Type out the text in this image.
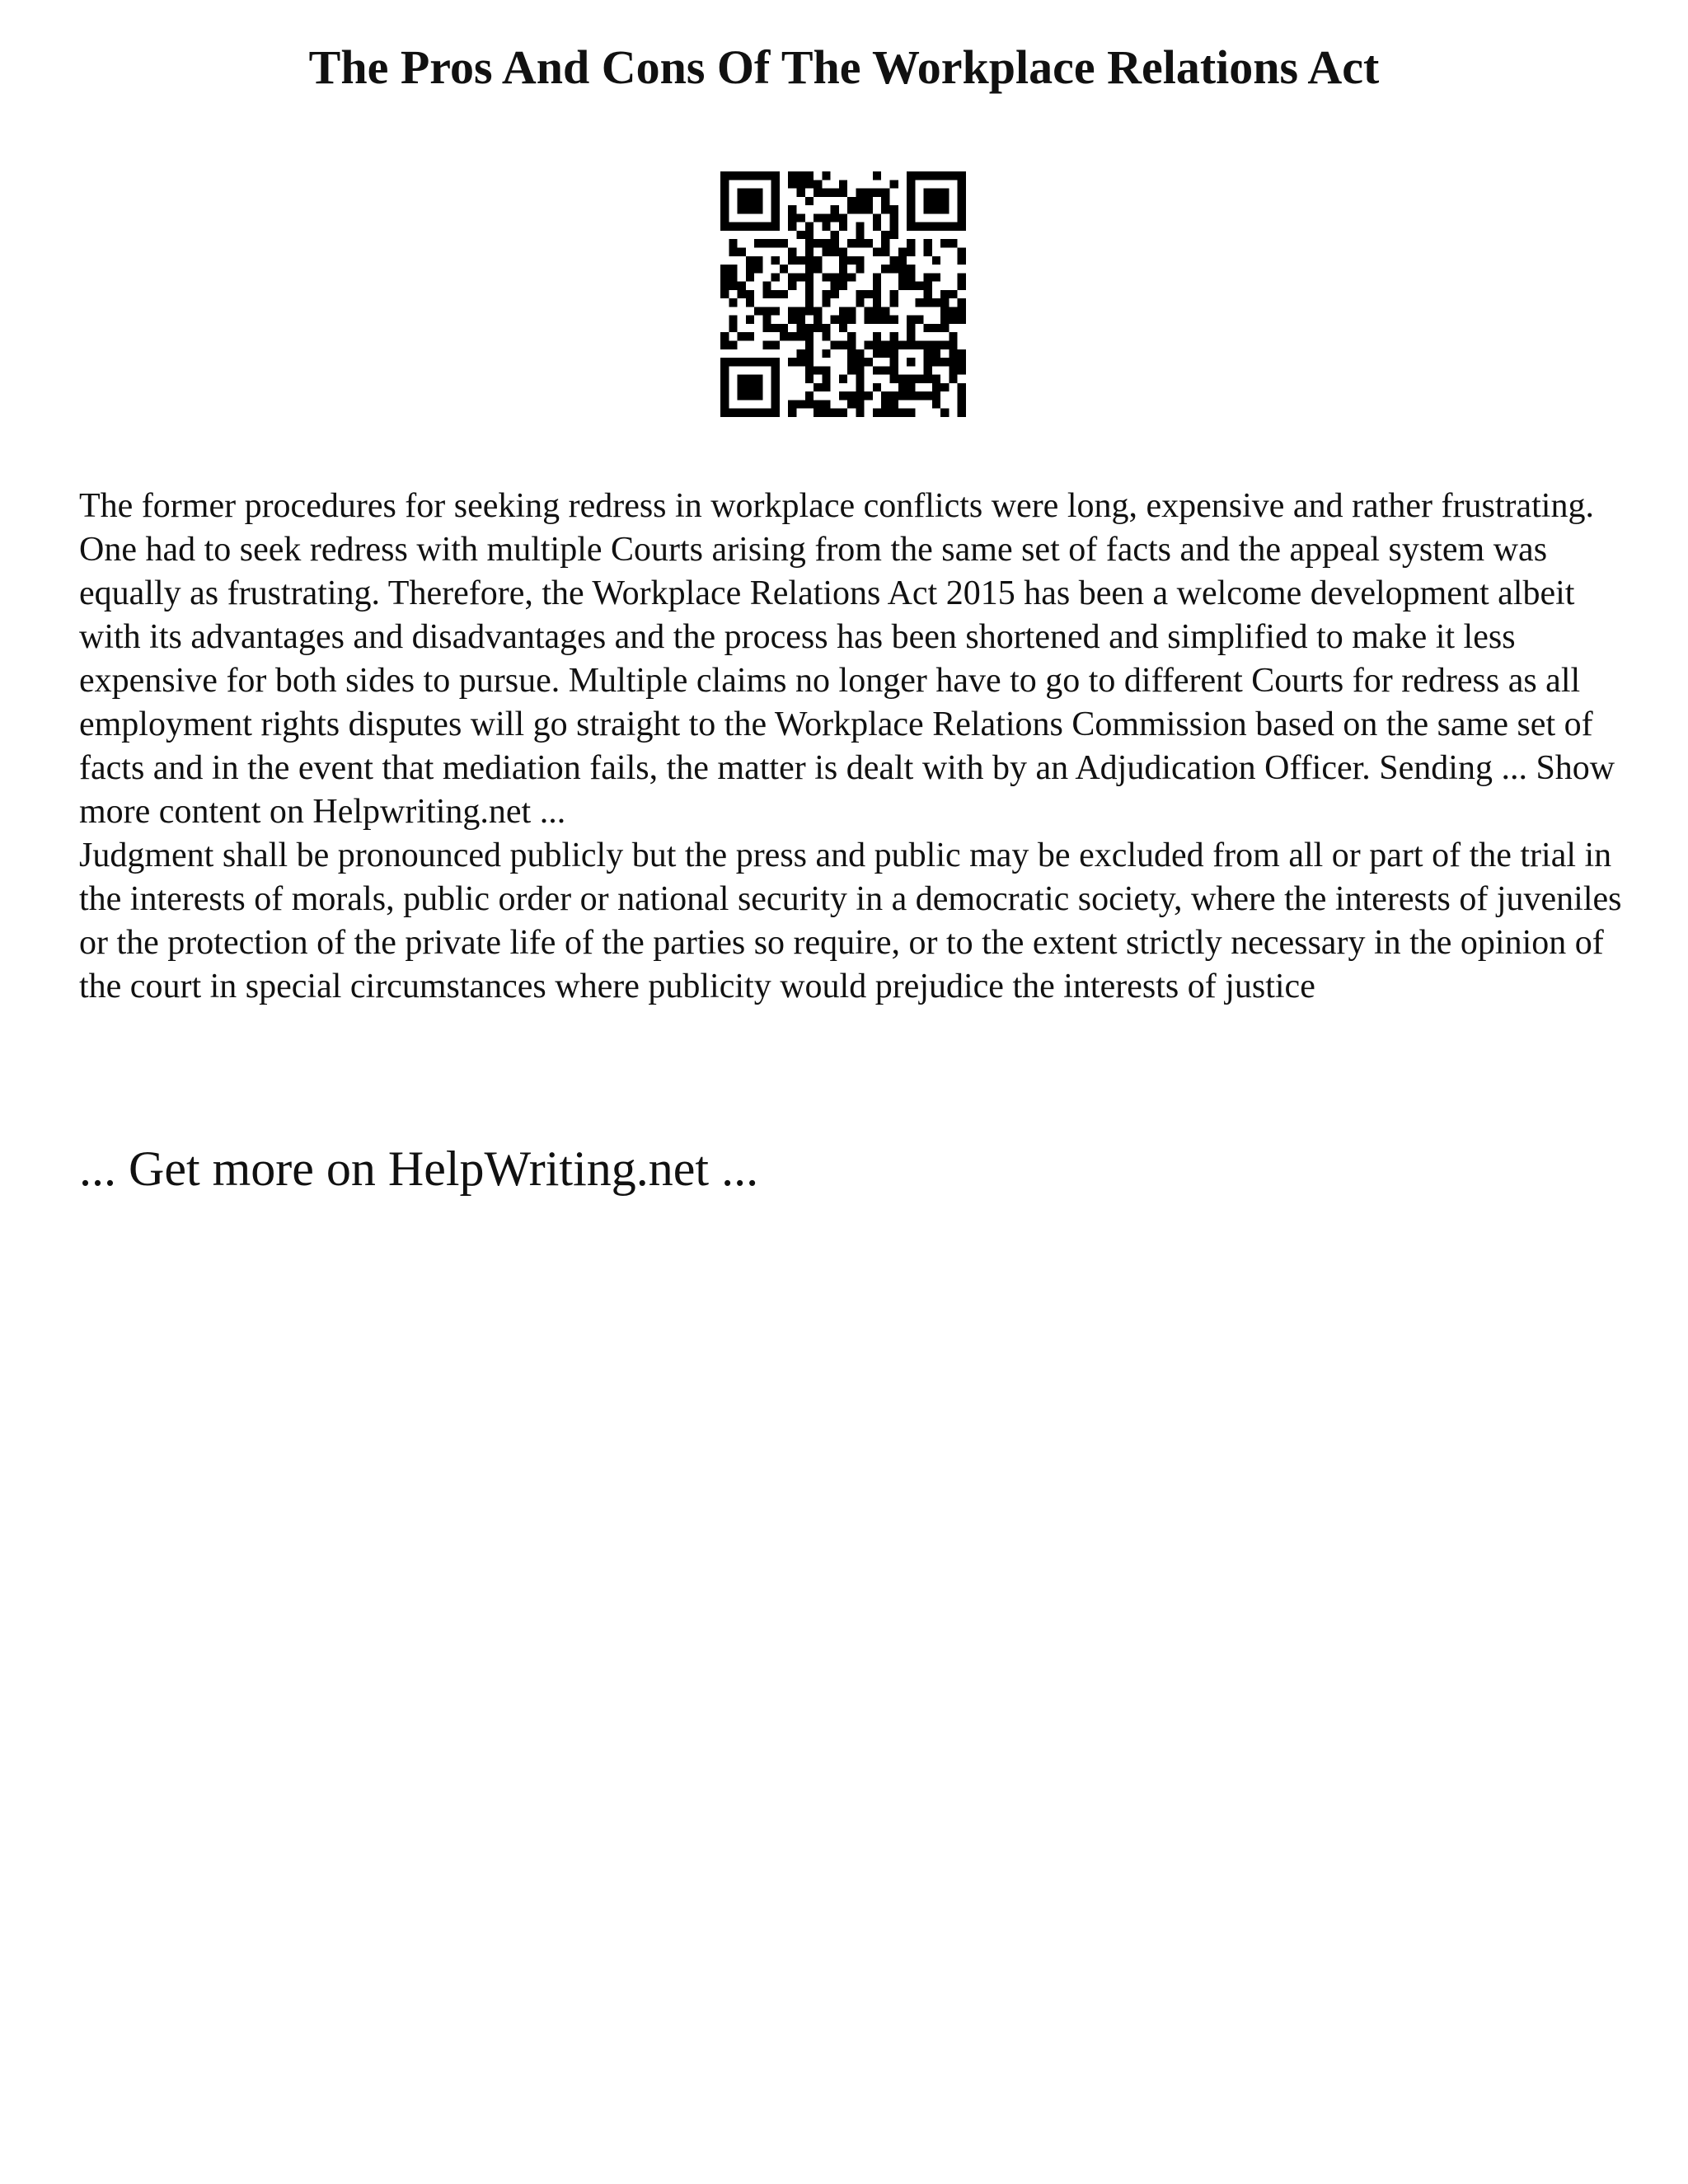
The Pros And Cons Of The Workplace Relations Act

The former procedures for seeking redress in workplace conflicts were long, expensive and rather frustrating. One had to seek redress with multiple Courts arising from the same set of facts and the appeal system was equally as frustrating. Therefore, the Workplace Relations Act 2015 has been a welcome development albeit with its advantages and disadvantages and the process has been shortened and simplified to make it less expensive for both sides to pursue. Multiple claims no longer have to go to different Courts for redress as all employment rights disputes will go straight to the Workplace Relations Commission based on the same set of facts and in the event that mediation fails, the matter is dealt with by an Adjudication Officer. Sending ... Show more content on Helpwriting.net ...

Judgment shall be pronounced publicly but the press and public may be excluded from all or part of the trial in the interests of morals, public order or national security in a democratic society, where the interests of juveniles or the protection of the private life of the parties so require, or to the extent strictly necessary in the opinion of the court in special circumstances where publicity would prejudice the interests of justice

... Get more on HelpWriting.net ...
